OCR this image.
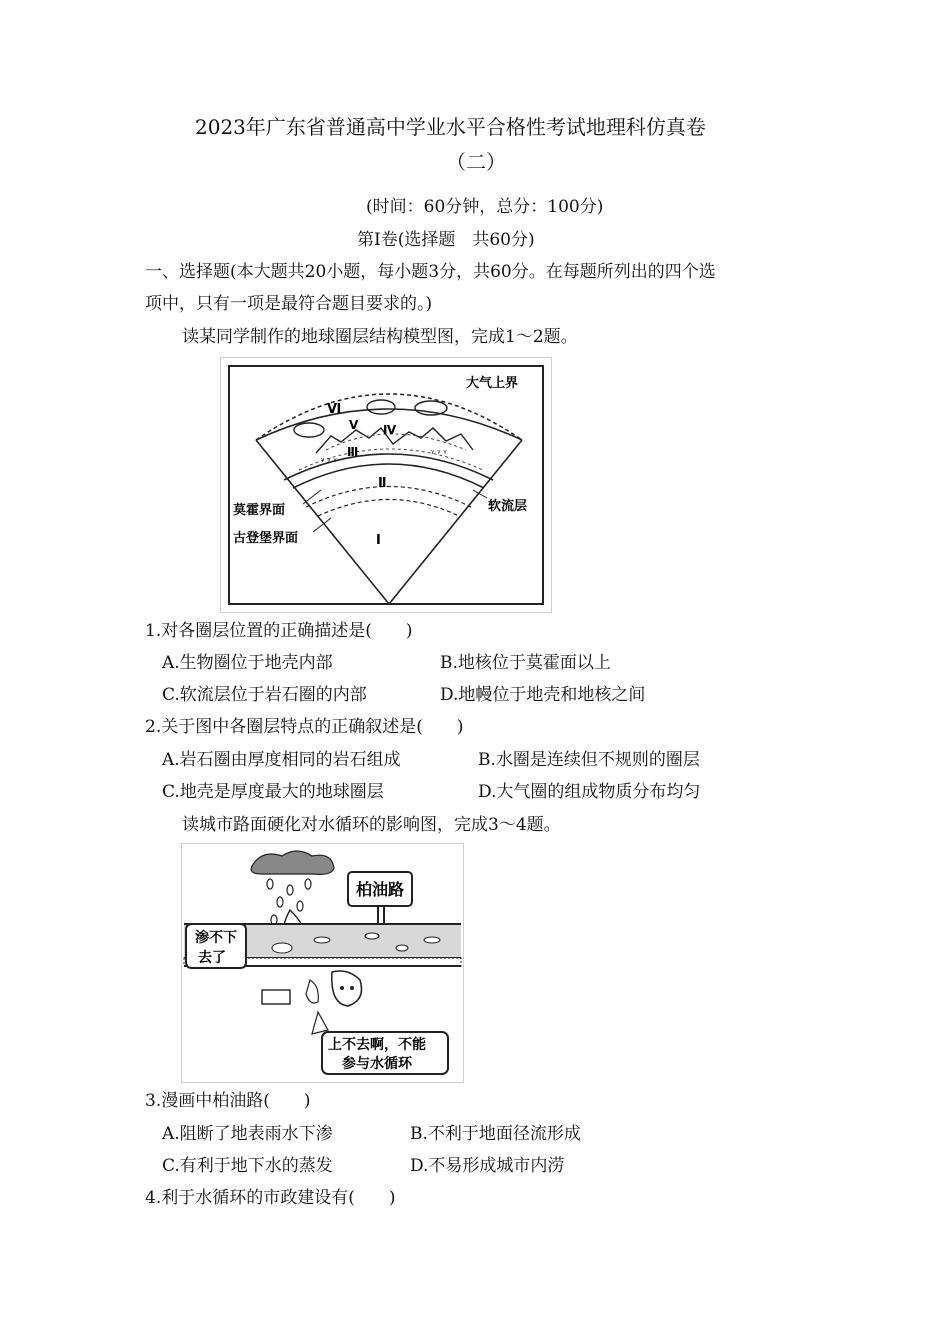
2023年广东省普通高中学业水平合格性考试地理科仿真卷
（二）
(时间：60分钟，总分：100分)
第Ⅰ卷(选择题　共60分)
一、选择题(本大题共20小题，每小题3分，共60分。在每题所列出的四个选
项中，只有一项是最符合题目要求的。)
读某同学制作的地球圈层结构模型图，完成1～2题。
ᵞ ᵞ ᵞ
ᵞ ᵞ ᵞ
大气上界
Ⅵ
Ⅴ Ⅳ
Ⅲ
Ⅱ
Ⅰ
莫霍界面
古登堡界面
软流层
1.对各圈层位置的正确描述是(　　)
A.生物圈位于地壳内部	B.地核位于莫霍面以上
C.软流层位于岩石圈的内部	D.地幔位于地壳和地核之间
2.关于图中各圈层特点的正确叙述是(　　)
A.岩石圈由厚度相同的岩石组成	B.水圈是连续但不规则的圈层
C.地壳是厚度最大的地球圈层	D.大气圈的组成物质分布均匀
读城市路面硬化对水循环的影响图，完成3～4题。
柏油路
渗不下
去了
上不去啊，不能
参与水循环
3.漫画中柏油路(　　)
A.阻断了地表雨水下渗	B.不利于地面径流形成
C.有利于地下水的蒸发	D.不易形成城市内涝
4.利于水循环的市政建设有(　　)
